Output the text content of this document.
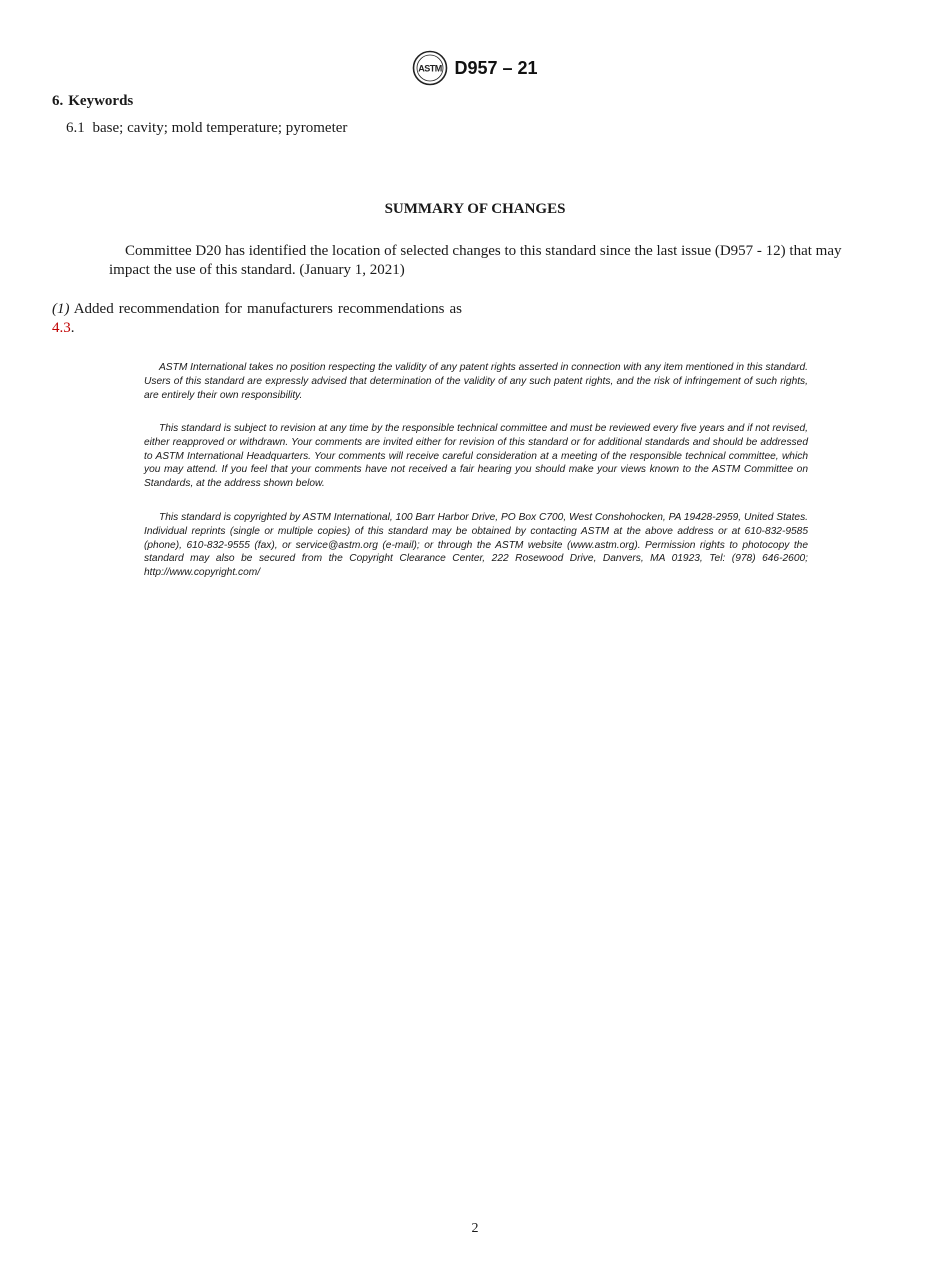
ASTM D957 – 21
6. Keywords
6.1 base; cavity; mold temperature; pyrometer
SUMMARY OF CHANGES
Committee D20 has identified the location of selected changes to this standard since the last issue (D957 - 12) that may impact the use of this standard. (January 1, 2021)
(1) Added recommendation for manufacturers recommendations as 4.3.
ASTM International takes no position respecting the validity of any patent rights asserted in connection with any item mentioned in this standard. Users of this standard are expressly advised that determination of the validity of any such patent rights, and the risk of infringement of such rights, are entirely their own responsibility.
This standard is subject to revision at any time by the responsible technical committee and must be reviewed every five years and if not revised, either reapproved or withdrawn. Your comments are invited either for revision of this standard or for additional standards and should be addressed to ASTM International Headquarters. Your comments will receive careful consideration at a meeting of the responsible technical committee, which you may attend. If you feel that your comments have not received a fair hearing you should make your views known to the ASTM Committee on Standards, at the address shown below.
This standard is copyrighted by ASTM International, 100 Barr Harbor Drive, PO Box C700, West Conshohocken, PA 19428-2959, United States. Individual reprints (single or multiple copies) of this standard may be obtained by contacting ASTM at the above address or at 610-832-9585 (phone), 610-832-9555 (fax), or service@astm.org (e-mail); or through the ASTM website (www.astm.org). Permission rights to photocopy the standard may also be secured from the Copyright Clearance Center, 222 Rosewood Drive, Danvers, MA 01923, Tel: (978) 646-2600; http://www.copyright.com/
2
